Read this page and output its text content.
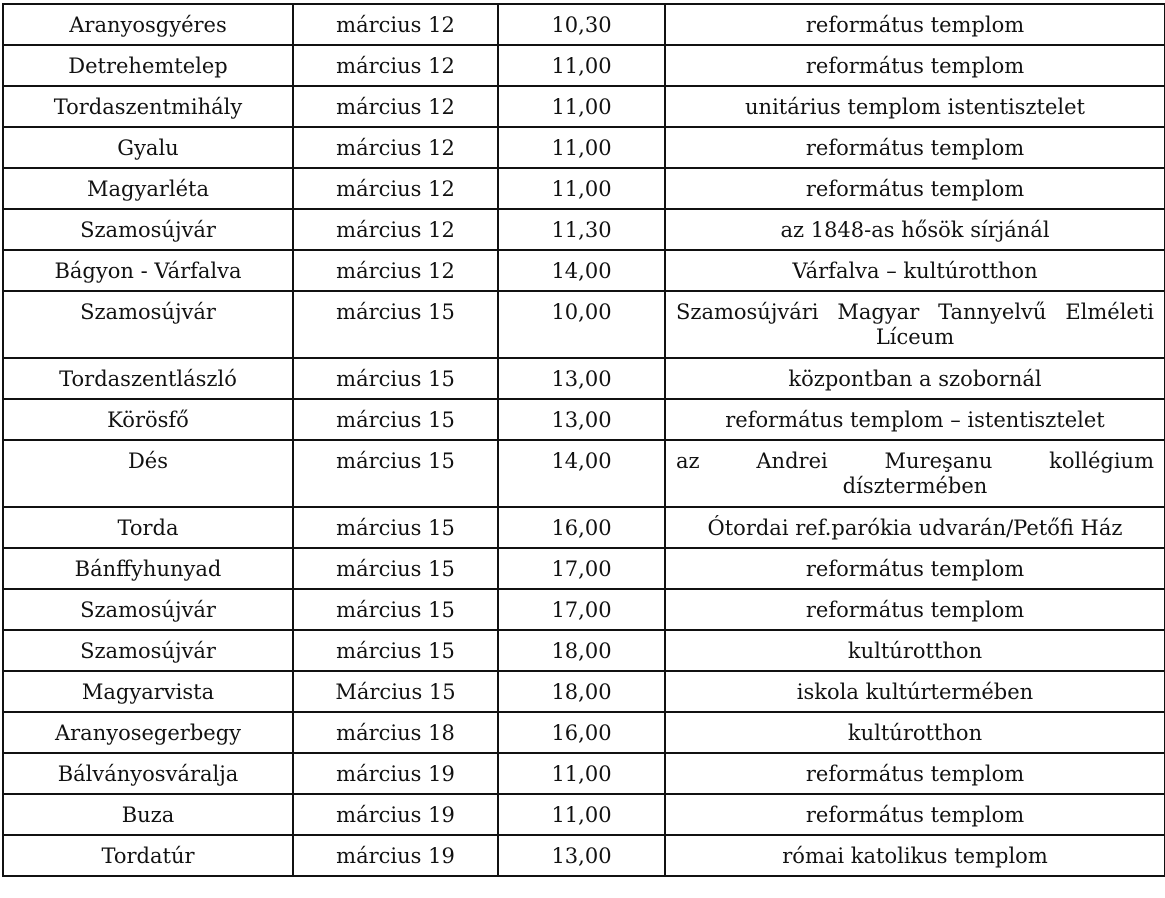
Aranyosgyéres	március 12	10,30	református templom
Detrehemtelep	március 12	11,00	református templom
Tordaszentmihály	március 12	11,00	unitárius templom istentisztelet
Gyalu	március 12	11,00	református templom
Magyarléta	március 12	11,00	református templom
Szamosújvár	március 12	11,30	az 1848-as hősök sírjánál
Bágyon - Várfalva	március 12	14,00	Várfalva – kultúrotthon
Szamosújvár	március 15	10,00	Szamosújvári Magyar Tannyelvű Elméleti Líceum
Tordaszentlászló	március 15	13,00	központban a szobornál
Körösfő	március 15	13,00	református templom – istentisztelet
Dés	március 15	14,00	az Andrei Mureşanu kollégium dísztermében
Torda	március 15	16,00	Ótordai ref.parókia udvarán/Petőfi Ház
Bánffyhunyad	március 15	17,00	református templom
Szamosújvár	március 15	17,00	református templom
Szamosújvár	március 15	18,00	kultúrotthon
Magyarvista	Március 15	18,00	iskola kultúrtermében
Aranyosegerbegy	március 18	16,00	kultúrotthon
Bálványosváralja	március 19	11,00	református templom
Buza	március 19	11,00	református templom
Tordatúr	március 19	13,00	római katolikus templom
